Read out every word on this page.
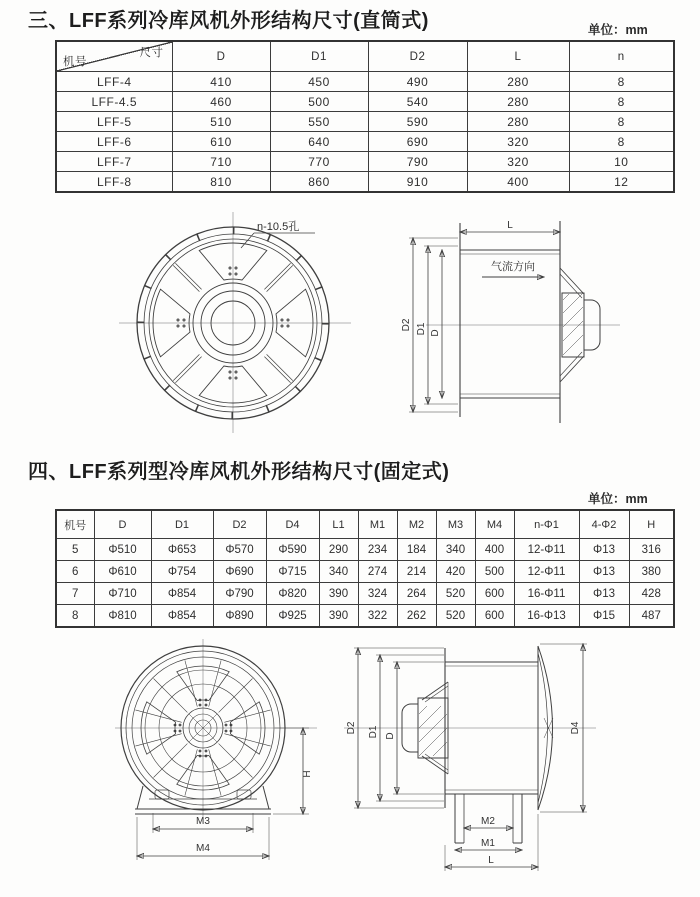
三、LFF系列冷库风机外形结构尺寸(直筒式)	单位：mm
尺寸
机号	D	D1	D2	L	n
LFF-4	410	450	490	280	8
LFF-4.5	460	500	540	280	8
LFF-5	510	550	590	280	8
LFF-6	610	640	690	320	8
LFF-7	710	770	790	320	10
LFF-8	810	860	910	400	12
n-10.5孔	L
D2 D1 D
气流方向
四、LFF系列型冷库风机外形结构尺寸(固定式)
单位：mm
机号	D	D1	D2	D4	L1	M1	M2	M3	M4	n-Φ1	4-Φ2	H
5	Φ510	Φ653	Φ570	Φ590	290	234	184	340	400	12-Φ11	Φ13	316
6	Φ610	Φ754	Φ690	Φ715	340	274	214	420	500	12-Φ11	Φ13	380
7	Φ710	Φ854	Φ790	Φ820	390	324	264	520	600	16-Φ11	Φ13	428
8	Φ810	Φ854	Φ890	Φ925	390	322	262	520	600	16-Φ13	Φ15	487
M3
M4
H
D2 D1 D
D4
M2
M1
L
